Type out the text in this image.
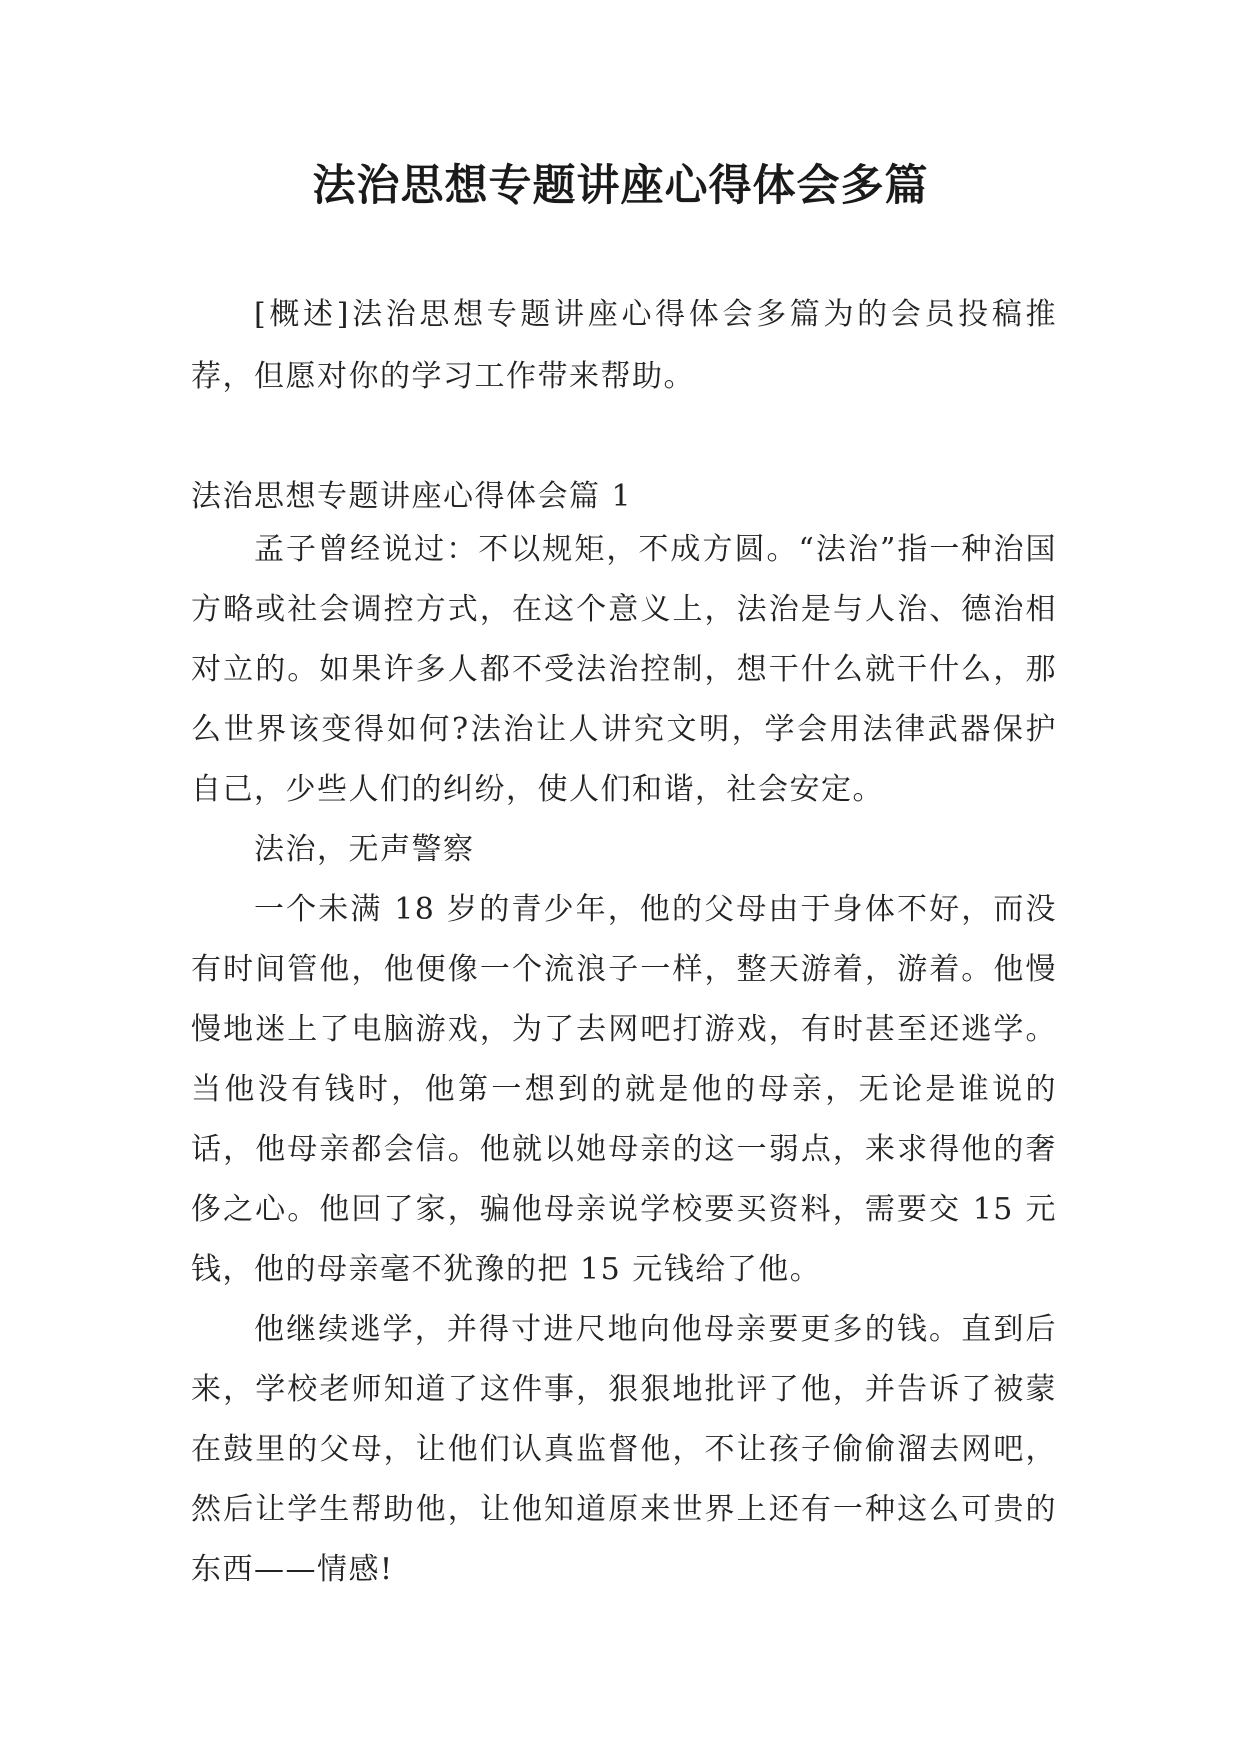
法治思想专题讲座心得体会多篇

[概述]法治思想专题讲座心得体会多篇为的会员投稿推荐，但愿对你的学习工作带来帮助。

法治思想专题讲座心得体会篇 1

孟子曾经说过：不以规矩，不成方圆。“法治”指一种治国方略或社会调控方式，在这个意义上，法治是与人治、德治相对立的。如果许多人都不受法治控制，想干什么就干什么，那么世界该变得如何?法治让人讲究文明，学会用法律武器保护自己，少些人们的纠纷，使人们和谐，社会安定。

法治，无声警察

一个未满 18 岁的青少年，他的父母由于身体不好，而没有时间管他，他便像一个流浪子一样，整天游着，游着。他慢慢地迷上了电脑游戏，为了去网吧打游戏，有时甚至还逃学。当他没有钱时，他第一想到的就是他的母亲，无论是谁说的话，他母亲都会信。他就以她母亲的这一弱点，来求得他的奢侈之心。他回了家，骗他母亲说学校要买资料，需要交 15 元钱，他的母亲毫不犹豫的把 15 元钱给了他。

他继续逃学，并得寸进尺地向他母亲要更多的钱。直到后来，学校老师知道了这件事，狠狠地批评了他，并告诉了被蒙在鼓里的父母，让他们认真监督他，不让孩子偷偷溜去网吧，然后让学生帮助他，让他知道原来世界上还有一种这么可贵的东西——情感!
